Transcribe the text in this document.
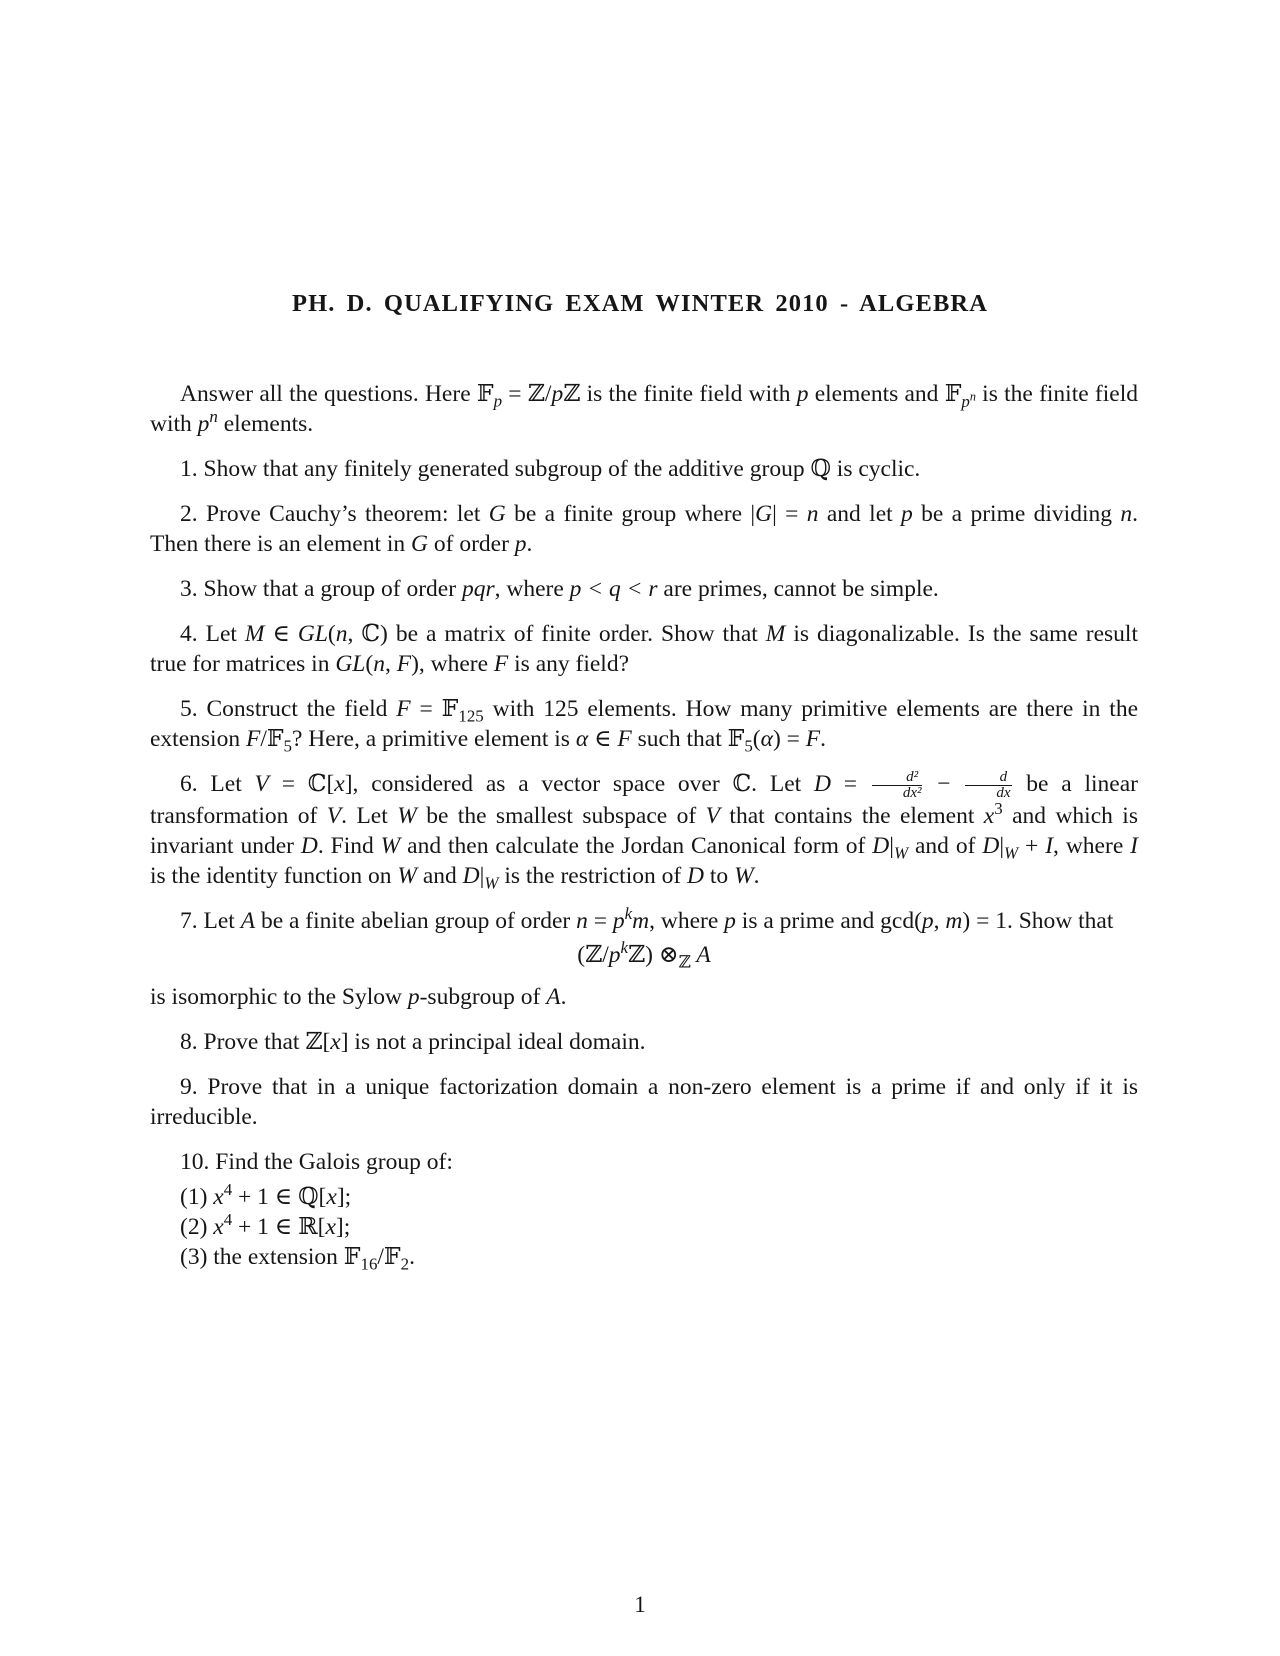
PH. D. QUALIFYING EXAM WINTER 2010 - ALGEBRA

Answer all the questions. Here 𝔽$_p$ = ℤ/pℤ is the finite field with p elements and 𝔽$_{p^n}$ is the finite field with $p^n$ elements.

1. Show that any finitely generated subgroup of the additive group ℚ is cyclic.

2. Prove Cauchy’s theorem: let G be a finite group where |G| = n and let p be a prime dividing n. Then there is an element in G of order p.

3. Show that a group of order pqr, where p < q < r are primes, cannot be simple.

4. Let M ∈ GL(n, ℂ) be a matrix of finite order. Show that M is diagonalizable. Is the same result true for matrices in GL(n, F), where F is any field?

5. Construct the field F = 𝔽$_{125}$ with 125 elements. How many primitive elements are there in the extension F/𝔽$_5$? Here, a primitive element is α ∈ F such that 𝔽$_5$(α) = F.

6. Let V = ℂ[x], considered as a vector space over ℂ. Let $D = \frac{\text{d²}}{\text{dx²}} - \frac{d}{dx}$ be a linear transformation of V. Let W be the smallest subspace of V that contains the element $x^3$ and which is invariant under D. Find W and then calculate the Jordan Canonical form of $D|_W$ and of $D|_W + I$, where I is the identity function on W and $D|_W$ is the restriction of D to W.

7. Let A be a finite abelian group of order $n = p^km$, where p is a prime and gcd(p, m) = 1. Show that

$(ℤ/p^kℤ)$ $\otimes_ℤ$ A

is isomorphic to the Sylow p-subgroup of A.

8. Prove that ℤ[x] is not a principal ideal domain.

9. Prove that in a unique factorization domain a non-zero element is a prime if and only if it is irreducible.

10. Find the Galois group of:

(1) $x^4 + 1$ ∈ ℚ[x];
(2) $x^4 + 1$ ∈ ℝ[x];
(3) the extension 𝔽$_{16}$/𝔽$_2$.
1
